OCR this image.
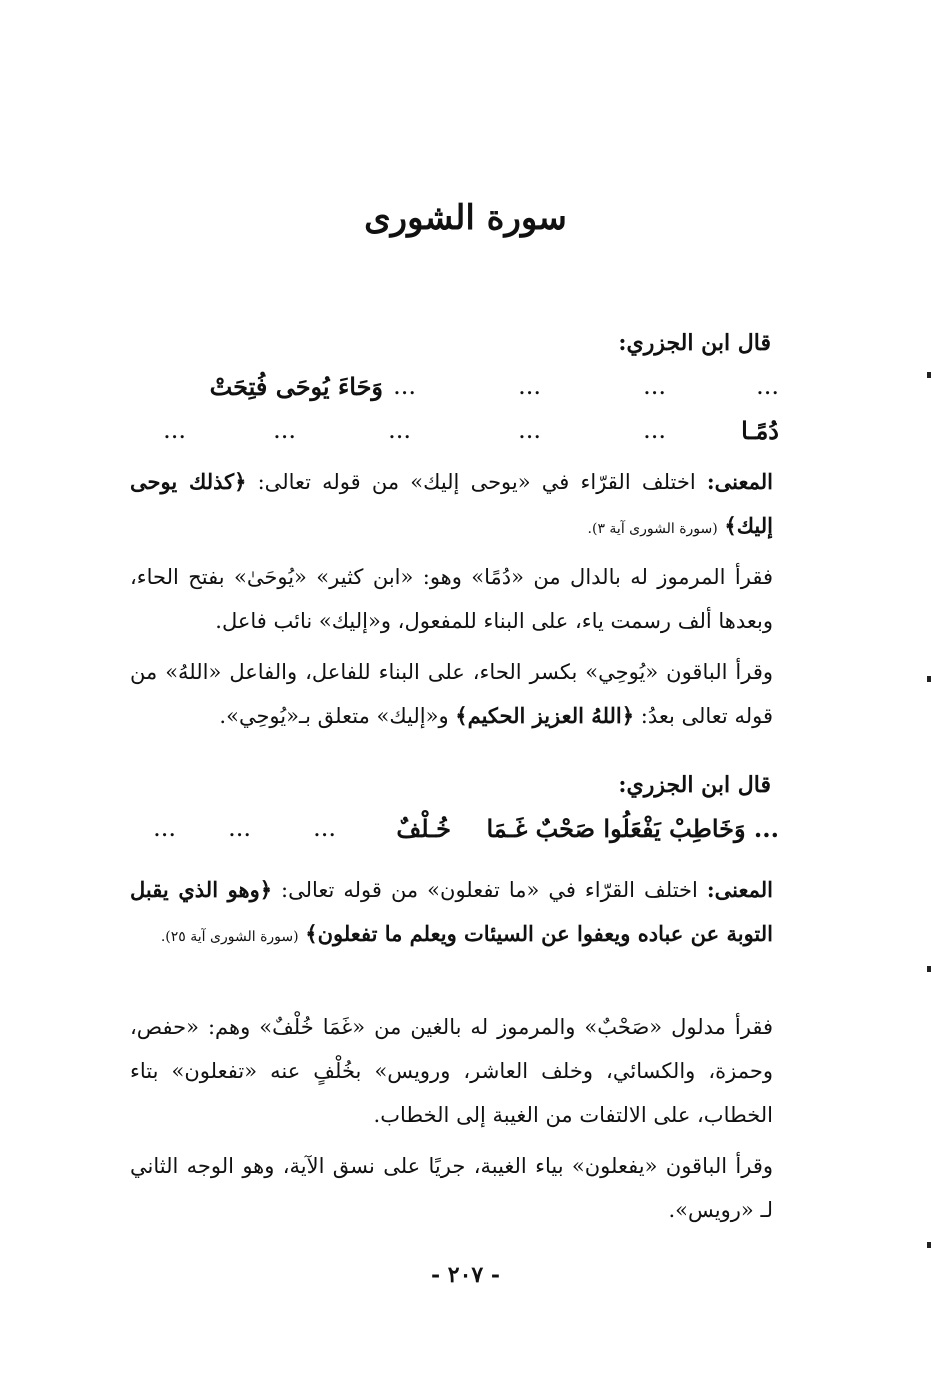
سورة الشورى
قال ابن الجزري:
...
...
...
...
وَحَاءَ يُوحَى فُتِحَتْ
دُمًـا
...
...
...
...
...
المعنى: اختلف القرّاء في «يوحى إليك» من قوله تعالى: ﴿كذلك يوحى إليك﴾ (سورة الشورى آية ٣).
فقرأ المرموز له بالدال من «دُمًا» وهو: «ابن كثير» «يُوحَىٰ» بفتح الحاء، وبعدها ألف رسمت ياء، على البناء للمفعول، و«إليك» نائب فاعل.
وقرأ الباقون «يُوحِي» بكسر الحاء، على البناء للفاعل، والفاعل «اللهُ» من قوله تعالى بعدُ: ﴿اللهُ العزيز الحكيم﴾ و«إليك» متعلق بـ«يُوحِي».
قال ابن الجزري:
... وَخَاطِبْ يَفْعَلُوا صَحْبٌ غَـمَا
خُـلْفٌ
...
...
...
المعنى: اختلف القرّاء في «ما تفعلون» من قوله تعالى: ﴿وهو الذي يقبل التوبة عن عباده ويعفوا عن السيئات ويعلم ما تفعلون﴾ (سورة الشورى آية ٢٥).
فقرأ مدلول «صَحْبٌ» والمرموز له بالغين من «غَمَا خُلْفٌ» وهم: «حفص، وحمزة، والكسائي، وخلف العاشر، ورويس» بخُلْفٍ عنه «تفعلون» بتاء الخطاب، على الالتفات من الغيبة إلى الخطاب.
وقرأ الباقون «يفعلون» بياء الغيبة، جريًا على نسق الآية، وهو الوجه الثاني لـ «رويس».
- ٢٠٧ -
